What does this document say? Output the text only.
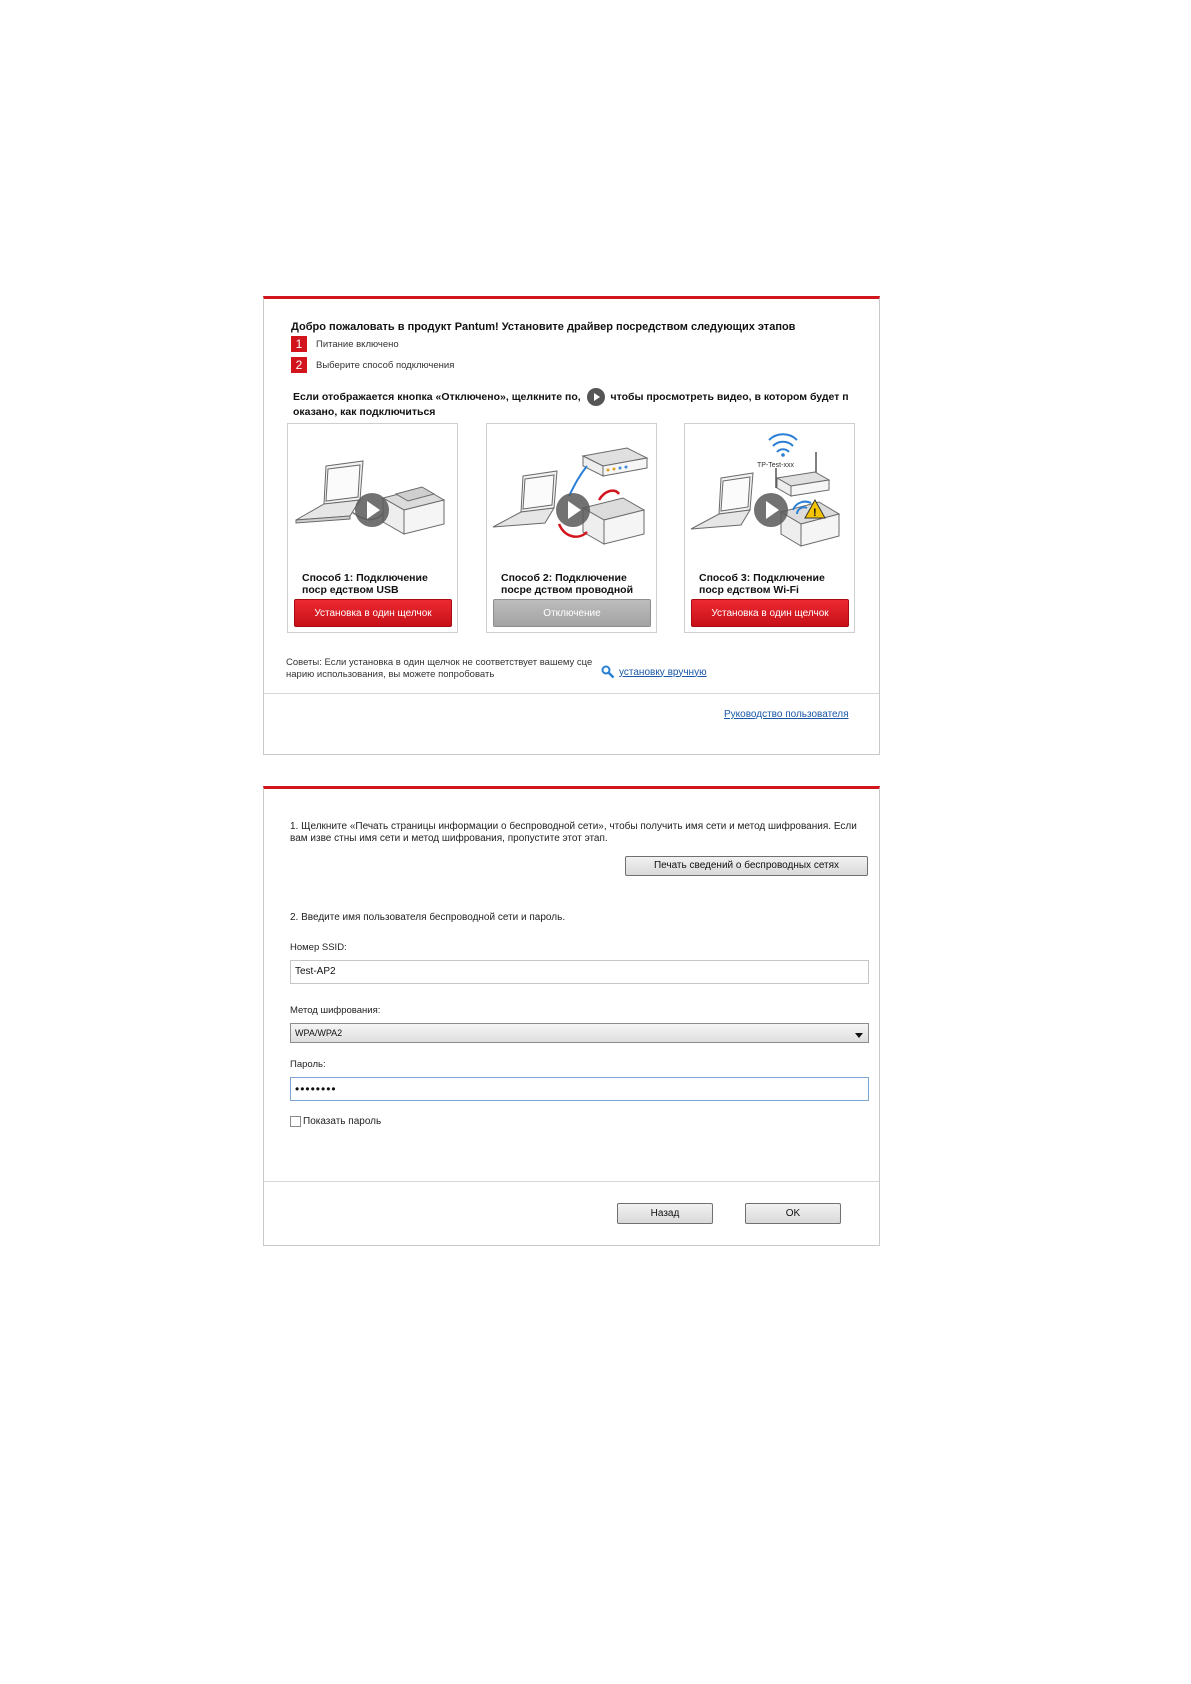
Добро пожаловать в продукт Pantum! Установите драйвер посредством следующих этапов
1	Питание включено
2	Выберите способ подключения
Если отображается кнопка «Отключено», щелкните по,	чтобы просмотреть видео, в котором будет п оказано, как подключиться
Способ 1: Подключение поср едством USB
Установка в один щелчок
Способ 2: Подключение посре дством проводной
Отключение
TP-Test-xxx
!
Способ 3: Подключение поср едством Wi-Fi
Установка в один щелчок
Советы: Если установка в один щелчок не соответствует вашему сце нарию использования, вы можете попробовать	установку вручную
Руководство пользователя
1. Щелкните «Печать страницы информации о беспроводной сети», чтобы получить имя сети и метод шифрования. Если вам изве стны имя сети и метод шифрования, пропустите этот этап.
Печать сведений о беспроводных сетях
2. Введите имя пользователя беспроводной сети и пароль.
Номер SSID:
Test-AP2
Метод шифрования:
WPA/WPA2
Пароль:
••••••••
Показать пароль
Назад	OK
